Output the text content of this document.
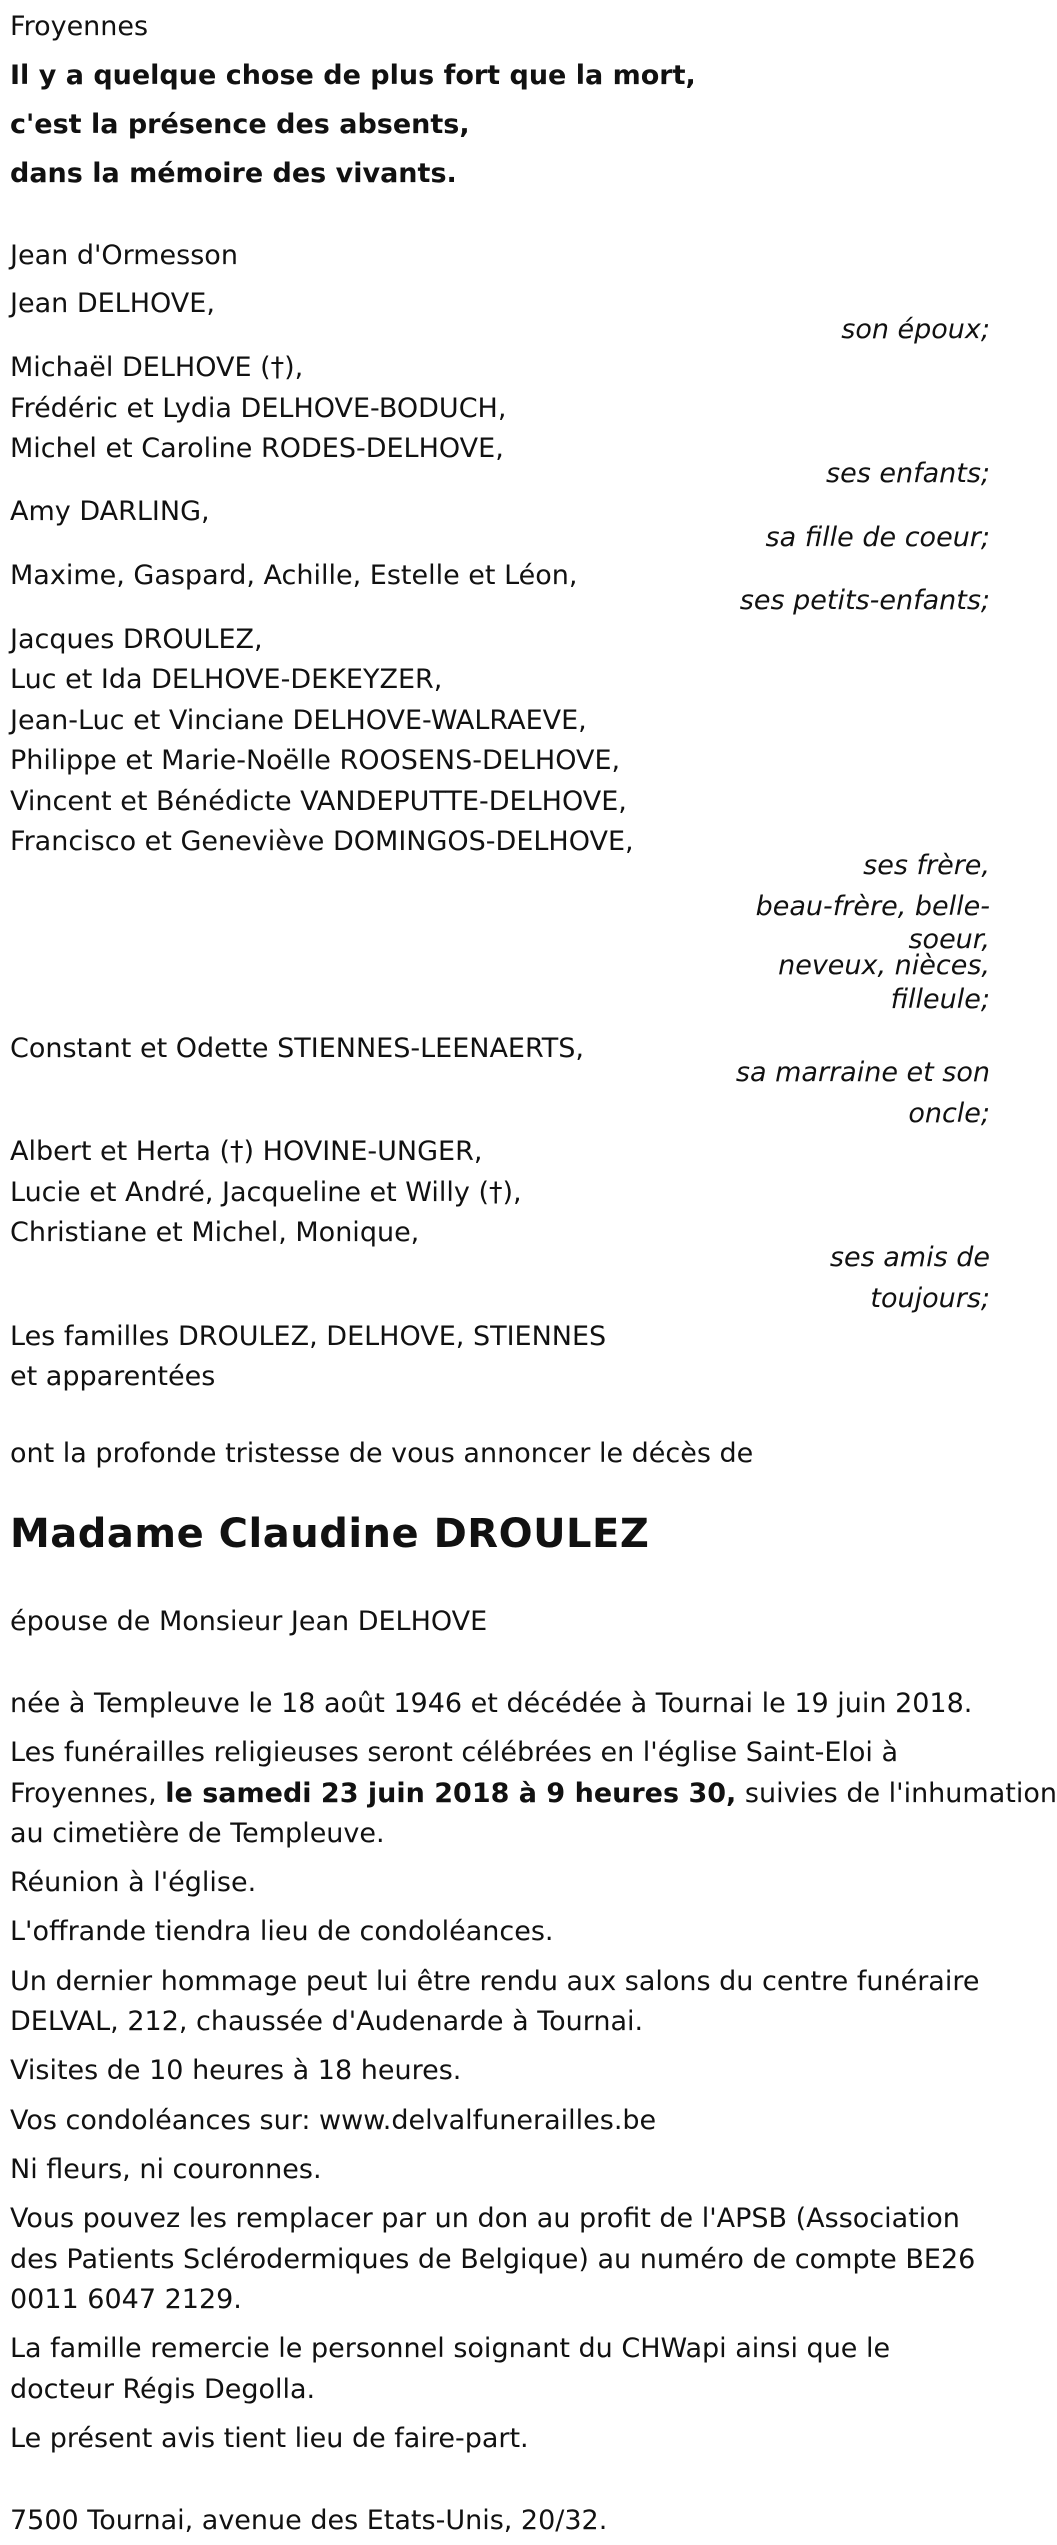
Froyennes
Il y a quelque chose de plus fort que la mort,
c'est la présence des absents,
dans la mémoire des vivants.
Jean d'Ormesson
Jean DELHOVE,
son époux;
Michaël DELHOVE (†),
Frédéric et Lydia DELHOVE-BODUCH,
Michel et Caroline RODES-DELHOVE,
ses enfants;
Amy DARLING,
sa fille de coeur;
Maxime, Gaspard, Achille, Estelle et Léon,
ses petits-enfants;
Jacques DROULEZ,
Luc et Ida DELHOVE-DEKEYZER,
Jean-Luc et Vinciane DELHOVE-WALRAEVE,
Philippe et Marie-Noëlle ROOSENS-DELHOVE,
Vincent et Bénédicte VANDEPUTTE-DELHOVE,
Francisco et Geneviève DOMINGOS-DELHOVE,
ses frère,
beau-frère, belle-
soeur,
neveux, nièces,
filleule;
Constant et Odette STIENNES-LEENAERTS,
sa marraine et son
oncle;
Albert et Herta (†) HOVINE-UNGER,
Lucie et André, Jacqueline et Willy (†),
Christiane et Michel, Monique,
ses amis de
toujours;
Les familles DROULEZ, DELHOVE, STIENNES
et apparentées
ont la profonde tristesse de vous annoncer le décès de
Madame Claudine DROULEZ
épouse de Monsieur Jean DELHOVE
née à Templeuve le 18 août 1946 et décédée à Tournai le 19 juin 2018.
Les funérailles religieuses seront célébrées en l'église Saint-Eloi à
Froyennes, le samedi 23 juin 2018 à 9 heures 30, suivies de l'inhumation
au cimetière de Templeuve.
Réunion à l'église.
L'offrande tiendra lieu de condoléances.
Un dernier hommage peut lui être rendu aux salons du centre funéraire
DELVAL, 212, chaussée d'Audenarde à Tournai.
Visites de 10 heures à 18 heures.
Vos condoléances sur: www.delvalfunerailles.be
Ni fleurs, ni couronnes.
Vous pouvez les remplacer par un don au profit de l'APSB (Association
des Patients Sclérodermiques de Belgique) au numéro de compte BE26
0011 6047 2129.
La famille remercie le personnel soignant du CHWapi ainsi que le
docteur Régis Degolla.
Le présent avis tient lieu de faire-part.
7500 Tournai, avenue des Etats-Unis, 20/32.
